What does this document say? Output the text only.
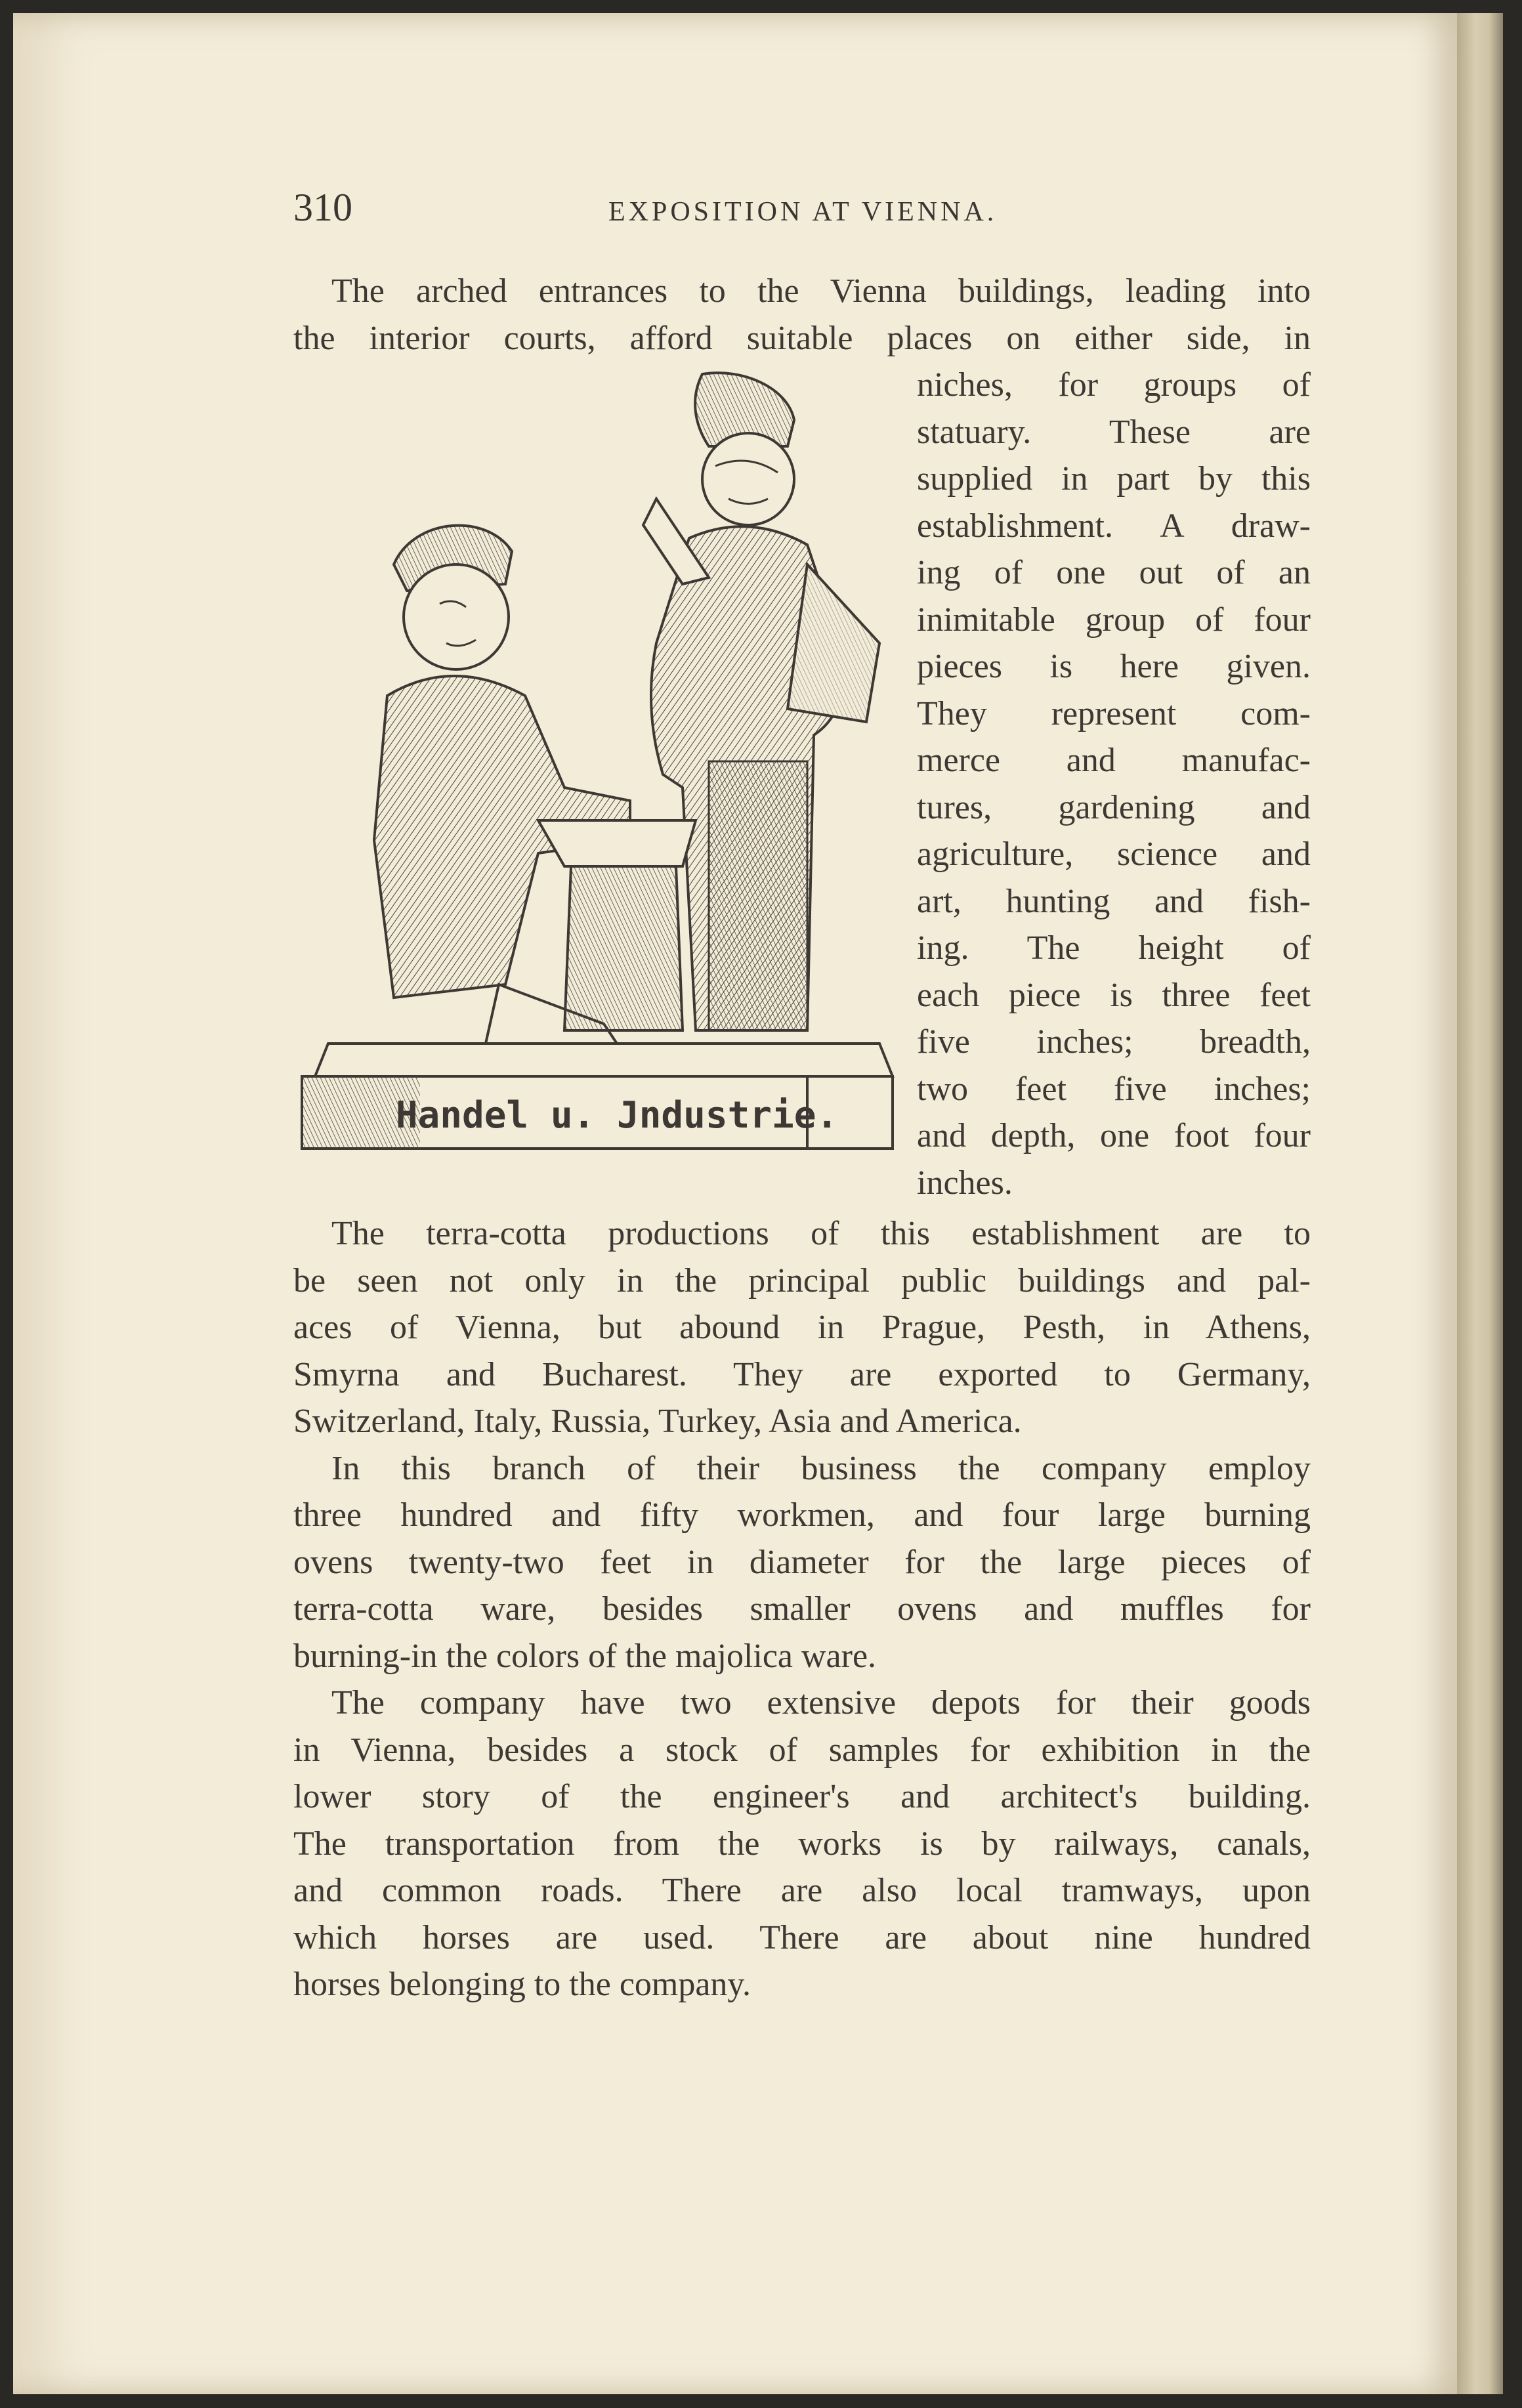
310	EXPOSITION AT VIENNA.
The arched entrances to the Vienna buildings, leading into
the interior courts, afford suitable places on either side, in
Handel u. Jndustrie.
niches, for groups of
statuary. These are
supplied in part by this
establishment. A draw-
ing of one out of an
inimitable group of four
pieces is here given.
They represent com-
merce and manufac-
tures, gardening and
agriculture, science and
art, hunting and fish-
ing. The height of
each piece is three feet
five inches; breadth,
two feet five inches;
and depth, one foot four
inches.
The terra-cotta productions of this establishment are to
be seen not only in the principal public buildings and pal-
aces of Vienna, but abound in Prague, Pesth, in Athens,
Smyrna and Bucharest. They are exported to Germany,
Switzerland, Italy, Russia, Turkey, Asia and America.
In this branch of their business the company employ
three hundred and fifty workmen, and four large burning
ovens twenty-two feet in diameter for the large pieces of
terra-cotta ware, besides smaller ovens and muffles for
burning-in the colors of the majolica ware.
The company have two extensive depots for their goods
in Vienna, besides a stock of samples for exhibition in the
lower story of the engineer's and architect's building.
The transportation from the works is by railways, canals,
and common roads. There are also local tramways, upon
which horses are used. There are about nine hundred
horses belonging to the company.
